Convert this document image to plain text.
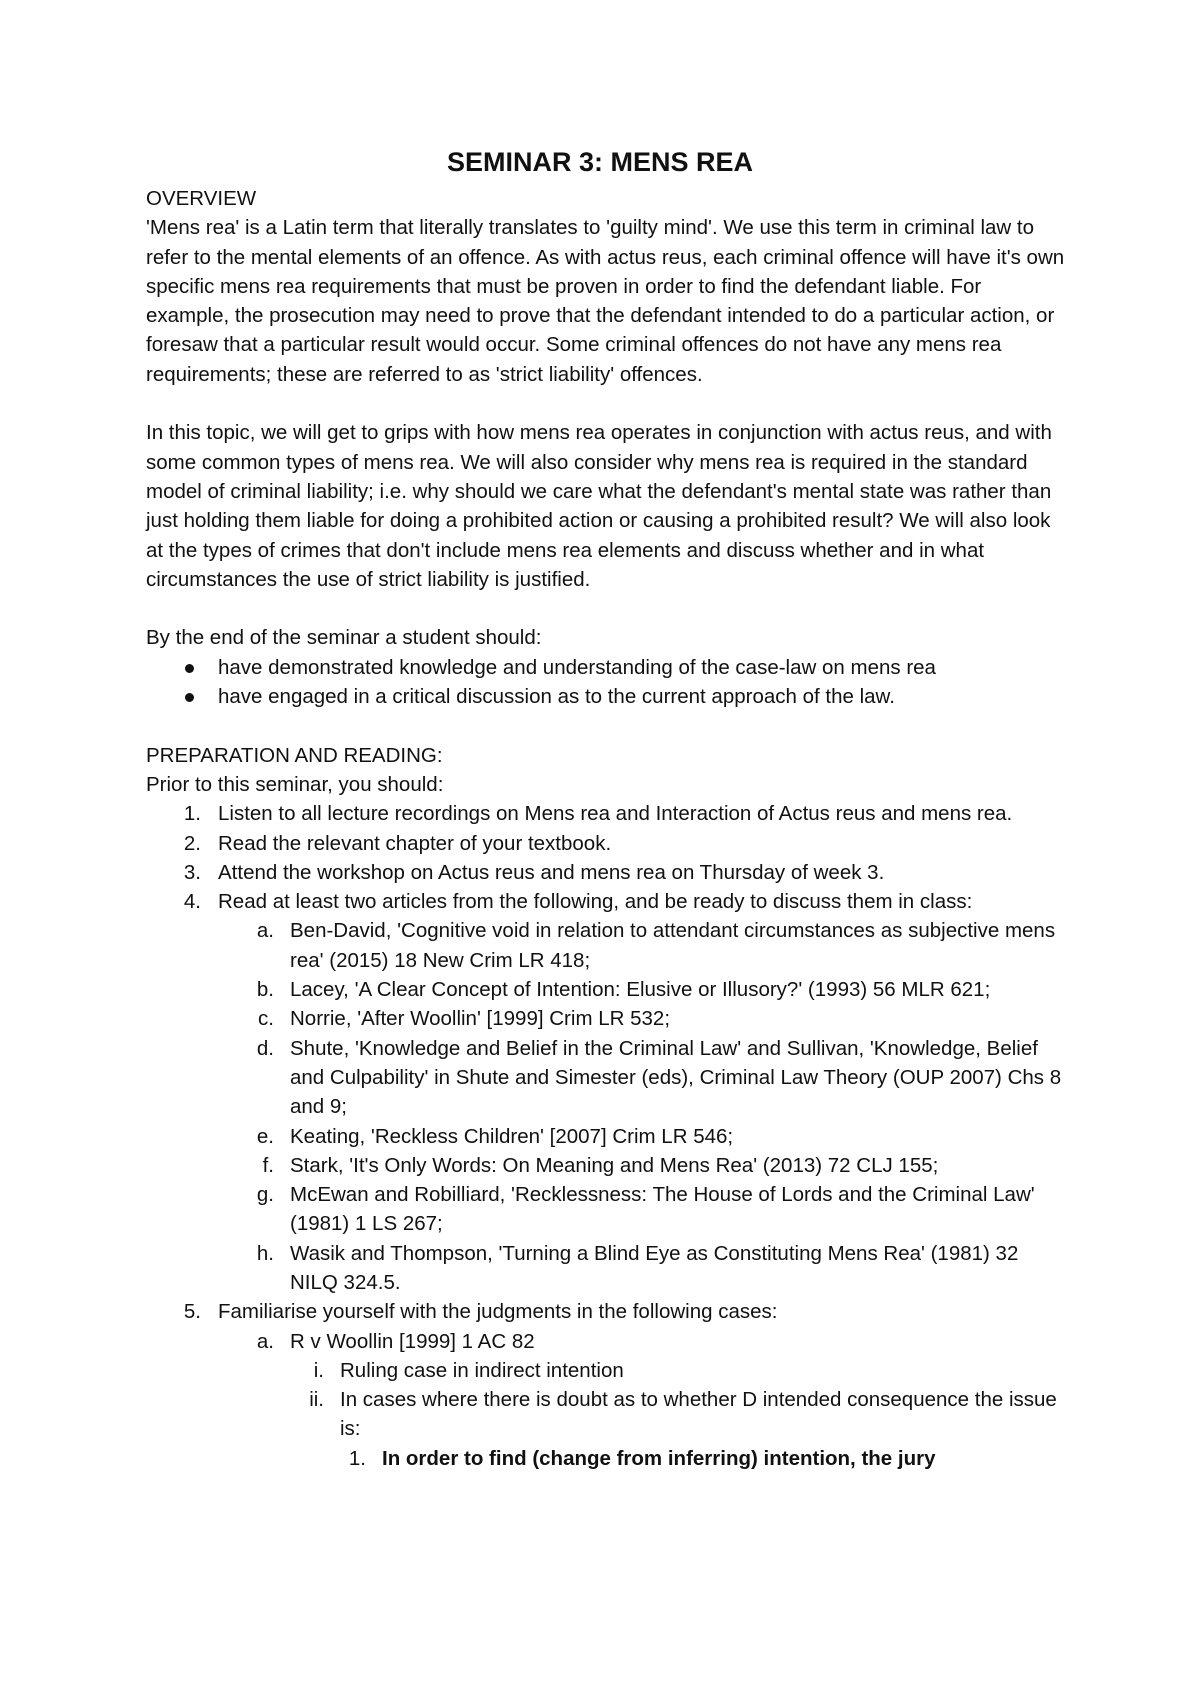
SEMINAR 3: MENS REA

OVERVIEW

'Mens rea' is a Latin term that literally translates to 'guilty mind'. We use this term in criminal law to refer to the mental elements of an offence. As with actus reus, each criminal offence will have it's own specific mens rea requirements that must be proven in order to find the defendant liable. For example, the prosecution may need to prove that the defendant intended to do a particular action, or foresaw that a particular result would occur. Some criminal offences do not have any mens rea requirements; these are referred to as 'strict liability' offences.

In this topic, we will get to grips with how mens rea operates in conjunction with actus reus, and with some common types of mens rea. We will also consider why mens rea is required in the standard model of criminal liability; i.e. why should we care what the defendant's mental state was rather than just holding them liable for doing a prohibited action or causing a prohibited result? We will also look at the types of crimes that don't include mens rea elements and discuss whether and in what circumstances the use of strict liability is justified.

By the end of the seminar a student should:

have demonstrated knowledge and understanding of the case-law on mens rea
have engaged in a critical discussion as to the current approach of the law.

PREPARATION AND READING:

Prior to this seminar, you should:

1. Listen to all lecture recordings on Mens rea and Interaction of Actus reus and mens rea.
2. Read the relevant chapter of your textbook.
3. Attend the workshop on Actus reus and mens rea on Thursday of week 3.
4. Read at least two articles from the following, and be ready to discuss them in class:
a. Ben-David, 'Cognitive void in relation to attendant circumstances as subjective mens rea' (2015) 18 New Crim LR 418;
b. Lacey, 'A Clear Concept of Intention: Elusive or Illusory?' (1993) 56 MLR 621;
c. Norrie, 'After Woollin' [1999] Crim LR 532;
d. Shute, 'Knowledge and Belief in the Criminal Law' and Sullivan, 'Knowledge, Belief and Culpability' in Shute and Simester (eds), Criminal Law Theory (OUP 2007) Chs 8 and 9;
e. Keating, 'Reckless Children' [2007] Crim LR 546;
f. Stark, 'It's Only Words: On Meaning and Mens Rea' (2013) 72 CLJ 155;
g. McEwan and Robilliard, 'Recklessness: The House of Lords and the Criminal Law' (1981) 1 LS 267;
h. Wasik and Thompson, 'Turning a Blind Eye as Constituting Mens Rea' (1981) 32 NILQ 324.5.
5. Familiarise yourself with the judgments in the following cases:
a. R v Woollin [1999] 1 AC 82
i. Ruling case in indirect intention
ii. In cases where there is doubt as to whether D intended consequence the issue is:
1. In order to find (change from inferring) intention, the jury
